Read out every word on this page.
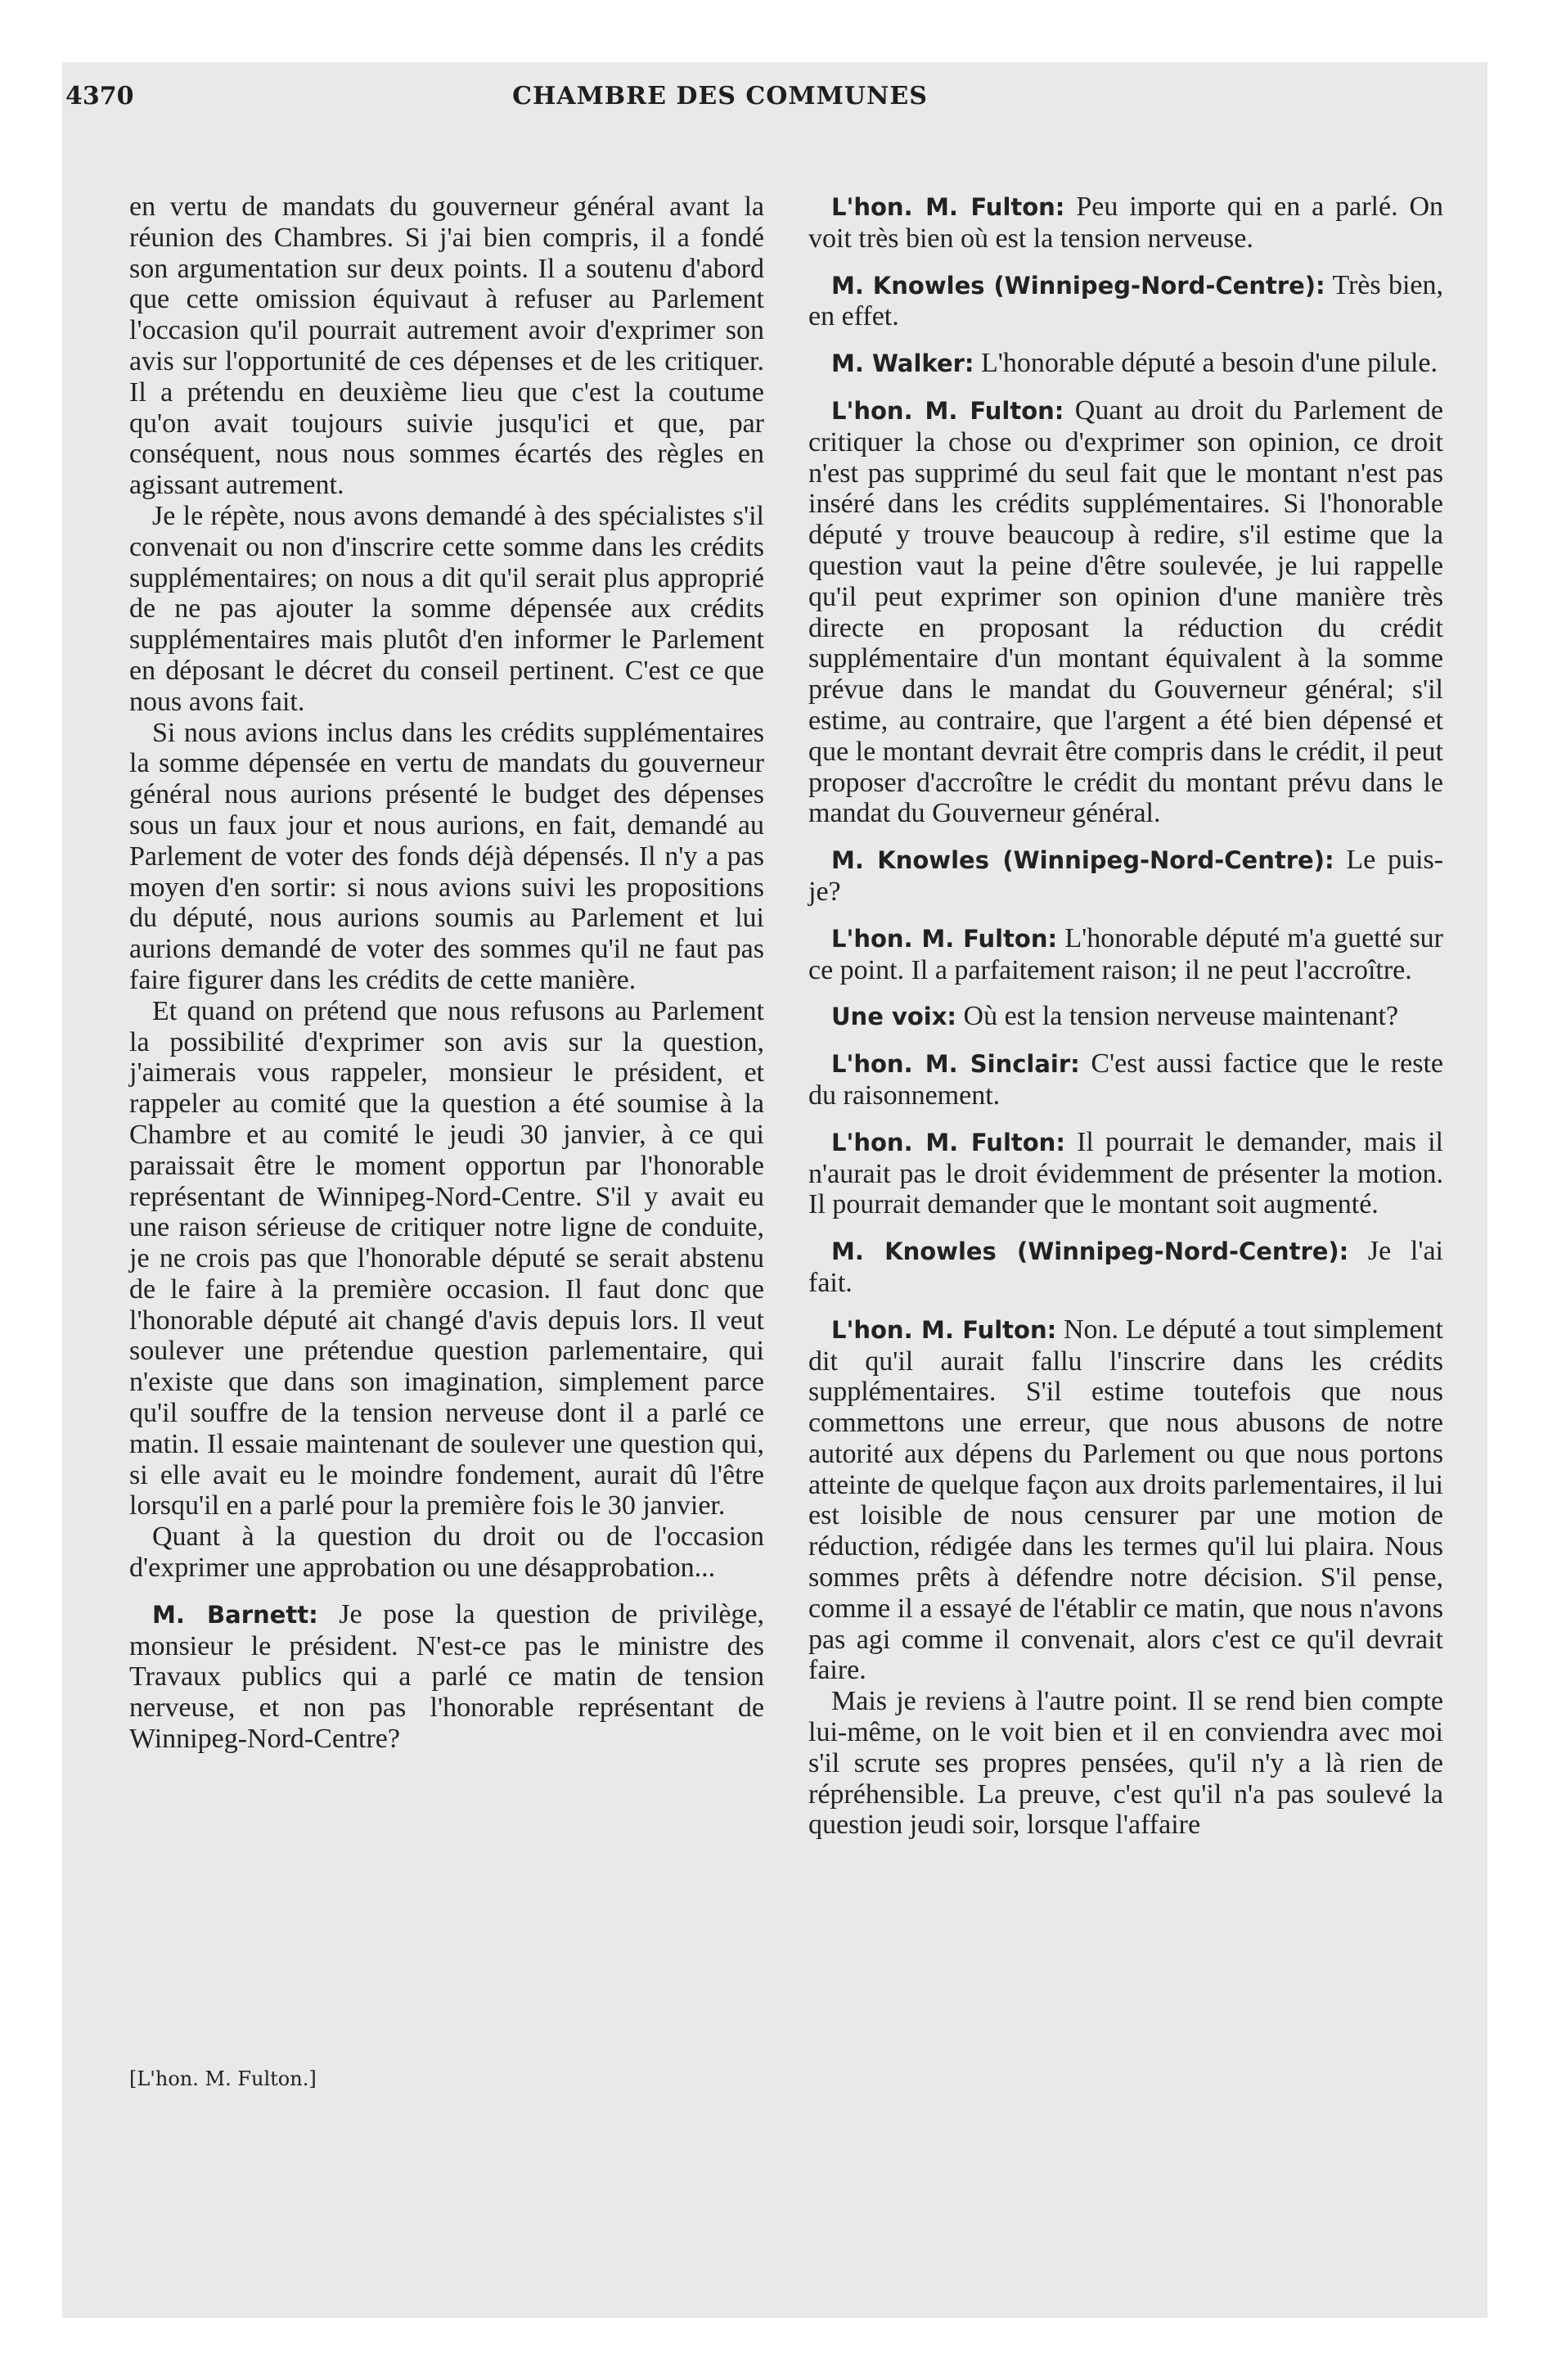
4370	CHAMBRE DES COMMUNES

en vertu de mandats du gouverneur général avant la réunion des Chambres. Si j'ai bien compris, il a fondé son argumentation sur deux points. Il a soutenu d'abord que cette omission équivaut à refuser au Parlement l'occasion qu'il pourrait autrement avoir d'exprimer son avis sur l'opportunité de ces dépenses et de les critiquer. Il a prétendu en deuxième lieu que c'est la coutume qu'on avait toujours suivie jusqu'ici et que, par conséquent, nous nous sommes écartés des règles en agissant autrement.

Je le répète, nous avons demandé à des spécialistes s'il convenait ou non d'inscrire cette somme dans les crédits supplémentaires; on nous a dit qu'il serait plus approprié de ne pas ajouter la somme dépensée aux crédits supplémentaires mais plutôt d'en informer le Parlement en déposant le décret du conseil pertinent. C'est ce que nous avons fait.

Si nous avions inclus dans les crédits supplémentaires la somme dépensée en vertu de mandats du gouverneur général nous aurions présenté le budget des dépenses sous un faux jour et nous aurions, en fait, demandé au Parlement de voter des fonds déjà dépensés. Il n'y a pas moyen d'en sortir: si nous avions suivi les propositions du député, nous aurions soumis au Parlement et lui aurions demandé de voter des sommes qu'il ne faut pas faire figurer dans les crédits de cette manière.

Et quand on prétend que nous refusons au Parlement la possibilité d'exprimer son avis sur la question, j'aimerais vous rappeler, monsieur le président, et rappeler au comité que la question a été soumise à la Chambre et au comité le jeudi 30 janvier, à ce qui paraissait être le moment opportun par l'honorable représentant de Winnipeg-Nord-Centre. S'il y avait eu une raison sérieuse de critiquer notre ligne de conduite, je ne crois pas que l'honorable député se serait abstenu de le faire à la première occasion. Il faut donc que l'honorable député ait changé d'avis depuis lors. Il veut soulever une prétendue question parlementaire, qui n'existe que dans son imagination, simplement parce qu'il souffre de la tension nerveuse dont il a parlé ce matin. Il essaie maintenant de soulever une question qui, si elle avait eu le moindre fondement, aurait dû l'être lorsqu'il en a parlé pour la première fois le 30 janvier.

Quant à la question du droit ou de l'occasion d'exprimer une approbation ou une désapprobation...

M. Barnett: Je pose la question de privilège, monsieur le président. N'est-ce pas le ministre des Travaux publics qui a parlé ce matin de tension nerveuse, et non pas l'honorable représentant de Winnipeg-Nord-Centre?

L'hon. M. Fulton: Peu importe qui en a parlé. On voit très bien où est la tension nerveuse.

M. Knowles (Winnipeg-Nord-Centre): Très bien, en effet.

M. Walker: L'honorable député a besoin d'une pilule.

L'hon. M. Fulton: Quant au droit du Parlement de critiquer la chose ou d'exprimer son opinion, ce droit n'est pas supprimé du seul fait que le montant n'est pas inséré dans les crédits supplémentaires. Si l'honorable député y trouve beaucoup à redire, s'il estime que la question vaut la peine d'être soulevée, je lui rappelle qu'il peut exprimer son opinion d'une manière très directe en proposant la réduction du crédit supplémentaire d'un montant équivalent à la somme prévue dans le mandat du Gouverneur général; s'il estime, au contraire, que l'argent a été bien dépensé et que le montant devrait être compris dans le crédit, il peut proposer d'accroître le crédit du montant prévu dans le mandat du Gouverneur général.

M. Knowles (Winnipeg-Nord-Centre): Le puis-je?

L'hon. M. Fulton: L'honorable député m'a guetté sur ce point. Il a parfaitement raison; il ne peut l'accroître.

Une voix: Où est la tension nerveuse maintenant?

L'hon. M. Sinclair: C'est aussi factice que le reste du raisonnement.

L'hon. M. Fulton: Il pourrait le demander, mais il n'aurait pas le droit évidemment de présenter la motion. Il pourrait demander que le montant soit augmenté.

M. Knowles (Winnipeg-Nord-Centre): Je l'ai fait.

L'hon. M. Fulton: Non. Le député a tout simplement dit qu'il aurait fallu l'inscrire dans les crédits supplémentaires. S'il estime toutefois que nous commettons une erreur, que nous abusons de notre autorité aux dépens du Parlement ou que nous portons atteinte de quelque façon aux droits parlementaires, il lui est loisible de nous censurer par une motion de réduction, rédigée dans les termes qu'il lui plaira. Nous sommes prêts à défendre notre décision. S'il pense, comme il a essayé de l'établir ce matin, que nous n'avons pas agi comme il convenait, alors c'est ce qu'il devrait faire.

Mais je reviens à l'autre point. Il se rend bien compte lui-même, on le voit bien et il en conviendra avec moi s'il scrute ses propres pensées, qu'il n'y a là rien de répréhensible. La preuve, c'est qu'il n'a pas soulevé la question jeudi soir, lorsque l'affaire

[L'hon. M. Fulton.]
